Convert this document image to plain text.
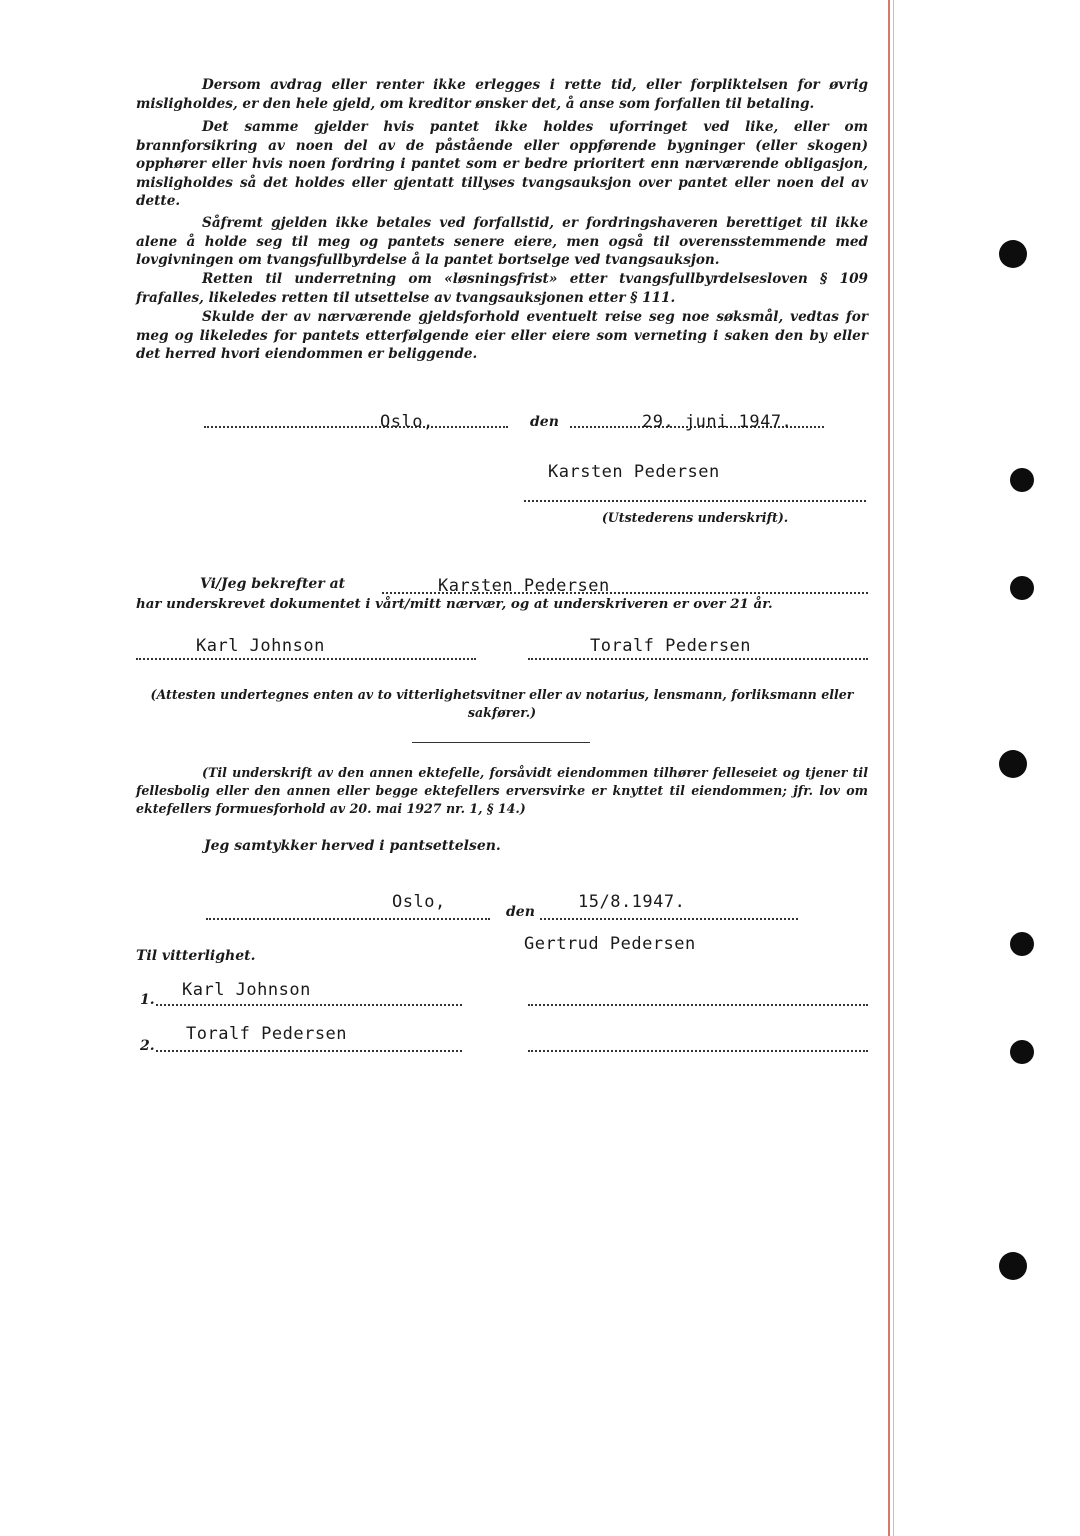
Dersom avdrag eller renter ikke erlegges i rette tid, eller forpliktelsen for øvrig misligholdes, er den hele gjeld, om kreditor ønsker det, å anse som forfallen til betaling.

Det samme gjelder hvis pantet ikke holdes uforringet ved like, eller om brannforsikring av noen del av de påstående eller oppførende bygninger (eller skogen) opphører eller hvis noen fordring i pantet som er bedre prioritert enn nærværende obligasjon, misligholdes så det holdes eller gjentatt tillyses tvangsauksjon over pantet eller noen del av dette.

Såfremt gjelden ikke betales ved forfallstid, er fordringshaveren berettiget til ikke alene å holde seg til meg og pantets senere eiere, men også til overensstemmende med lovgivningen om tvangsfullbyrdelse å la pantet bortselge ved tvangsauksjon.

Retten til underretning om «løsningsfrist» etter tvangsfullbyrdelsesloven § 109 frafalles, likeledes retten til utsettelse av tvangsauksjonen etter § 111.

Skulde der av nærværende gjeldsforhold eventuelt reise seg noe søksmål, vedtas for meg og likeledes for pantets etterfølgende eier eller eiere som verneting i saken den by eller det herred hvori eiendommen er beliggende.

Oslo,	den	29. juni 1947.

Karsten Pedersen

(Utstederens underskrift).

Vi/Jeg bekrefter at	Karsten Pedersen

har underskrevet dokumentet i vårt/mitt nærvær, og at underskriveren er over 21 år.

Karl Johnson	Toralf Pedersen

(Attesten undertegnes enten av to vitterlighetsvitner eller av notarius, lensmann, forliksmann eller sakfører.)

(Til underskrift av den annen ektefelle, forsåvidt eiendommen tilhører felleseiet og tjener til fellesbolig eller den annen eller begge ektefellers erversvirke er knyttet til eiendommen; jfr. lov om ektefellers formuesforhold av 20. mai 1927 nr. 1, § 14.)

Jeg samtykker herved i pantsettelsen.

Oslo,	den	15/8.1947.

Gertrud Pedersen

Til vitterlighet.

1. Karl Johnson

2.

Toralf Pedersen
